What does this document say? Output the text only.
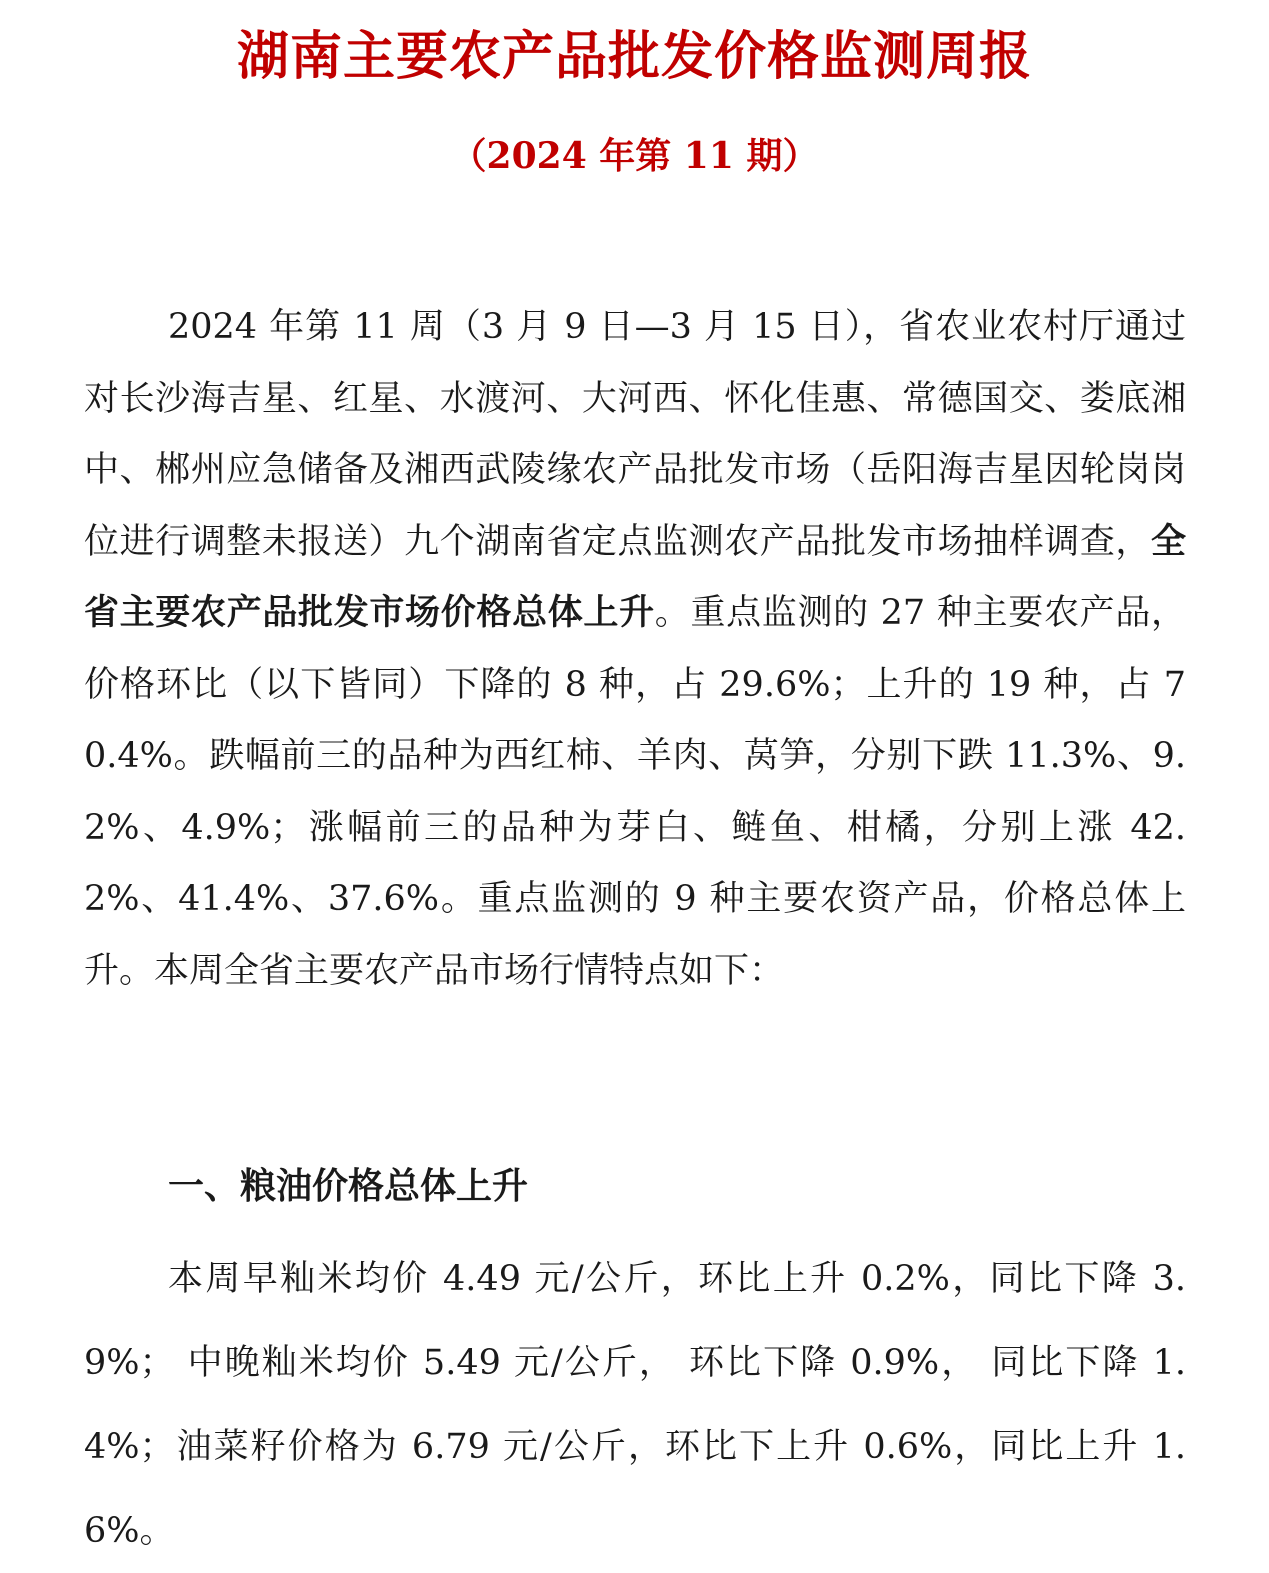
湖南主要农产品批发价格监测周报
（2024 年第 11 期）

2024 年第 11 周（3 月 9 日—3 月 15 日），省农业农村厅通过对长沙海吉星、红星、水渡河、大河西、怀化佳惠、常德国交、娄底湘中、郴州应急储备及湘西武陵缘农产品批发市场（岳阳海吉星因轮岗岗位进行调整未报送）九个湖南省定点监测农产品批发市场抽样调查，全省主要农产品批发市场价格总体上升。重点监测的 27 种主要农产品，价格环比（以下皆同）下降的 8 种，占 29.6%；上升的 19 种，占 70.4%。跌幅前三的品种为西红柿、羊肉、莴笋，分别下跌 11.3%、9.2%、4.9%；涨幅前三的品种为芽白、鲢鱼、柑橘，分别上涨 42.2%、41.4%、37.6%。重点监测的 9 种主要农资产品，价格总体上升。本周全省主要农产品市场行情特点如下：

一、粮油价格总体上升

本周早籼米均价 4.49 元/公斤，环比上升 0.2%，同比下降 3.9%； 中晚籼米均价 5.49 元/公斤， 环比下降 0.9%， 同比下降 1.4%；油菜籽价格为 6.79 元/公斤，环比下上升 0.6%，同比上升 1.6%。
